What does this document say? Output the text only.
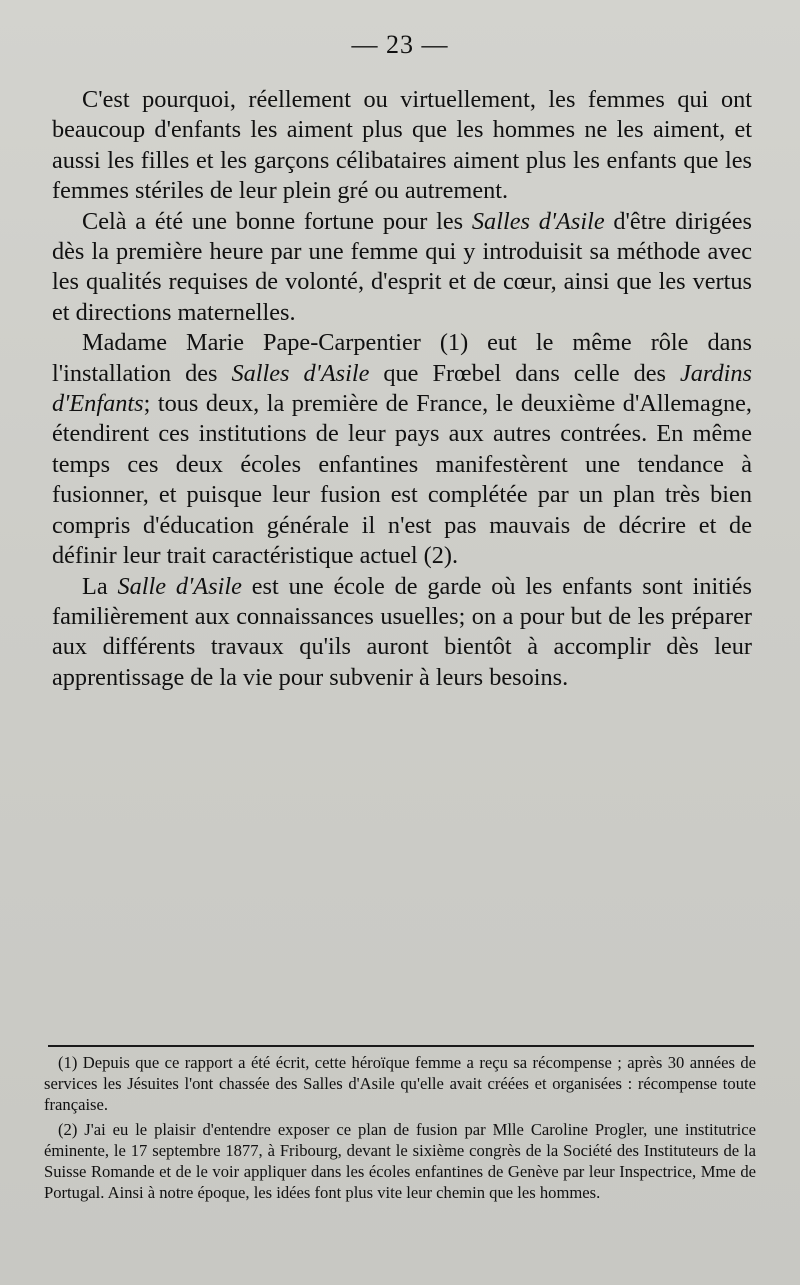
— 23 —

C'est pourquoi, réellement ou virtuellement, les femmes qui ont beaucoup d'enfants les aiment plus que les hommes ne les aiment, et aussi les filles et les garçons célibataires aiment plus les enfants que les femmes stériles de leur plein gré ou autrement.

Celà a été une bonne fortune pour les Salles d'Asile d'être dirigées dès la première heure par une femme qui y introduisit sa méthode avec les qualités requises de volonté, d'esprit et de cœur, ainsi que les vertus et directions maternelles.

Madame Marie Pape-Carpentier (1) eut le même rôle dans l'installation des Salles d'Asile que Frœbel dans celle des Jardins d'Enfants; tous deux, la première de France, le deuxième d'Allemagne, étendirent ces institutions de leur pays aux autres contrées. En même temps ces deux écoles enfantines manifestèrent une tendance à fusionner, et puisque leur fusion est complétée par un plan très bien compris d'éducation générale il n'est pas mauvais de décrire et de définir leur trait caractéristique actuel (2).

La Salle d'Asile est une école de garde où les enfants sont initiés familièrement aux connaissances usuelles; on a pour but de les préparer aux différents travaux qu'ils auront bientôt à accomplir dès leur apprentissage de la vie pour subvenir à leurs besoins.

(1) Depuis que ce rapport a été écrit, cette héroïque femme a reçu sa récompense ; après 30 années de services les Jésuites l'ont chassée des Salles d'Asile qu'elle avait créées et organisées : récompense toute française.

(2) J'ai eu le plaisir d'entendre exposer ce plan de fusion par Mlle Caroline Progler, une institutrice éminente, le 17 septembre 1877, à Fribourg, devant le sixième congrès de la Société des Instituteurs de la Suisse Romande et de le voir appliquer dans les écoles enfantines de Genève par leur Inspectrice, Mme de Portugal. Ainsi à notre époque, les idées font plus vite leur chemin que les hommes.
